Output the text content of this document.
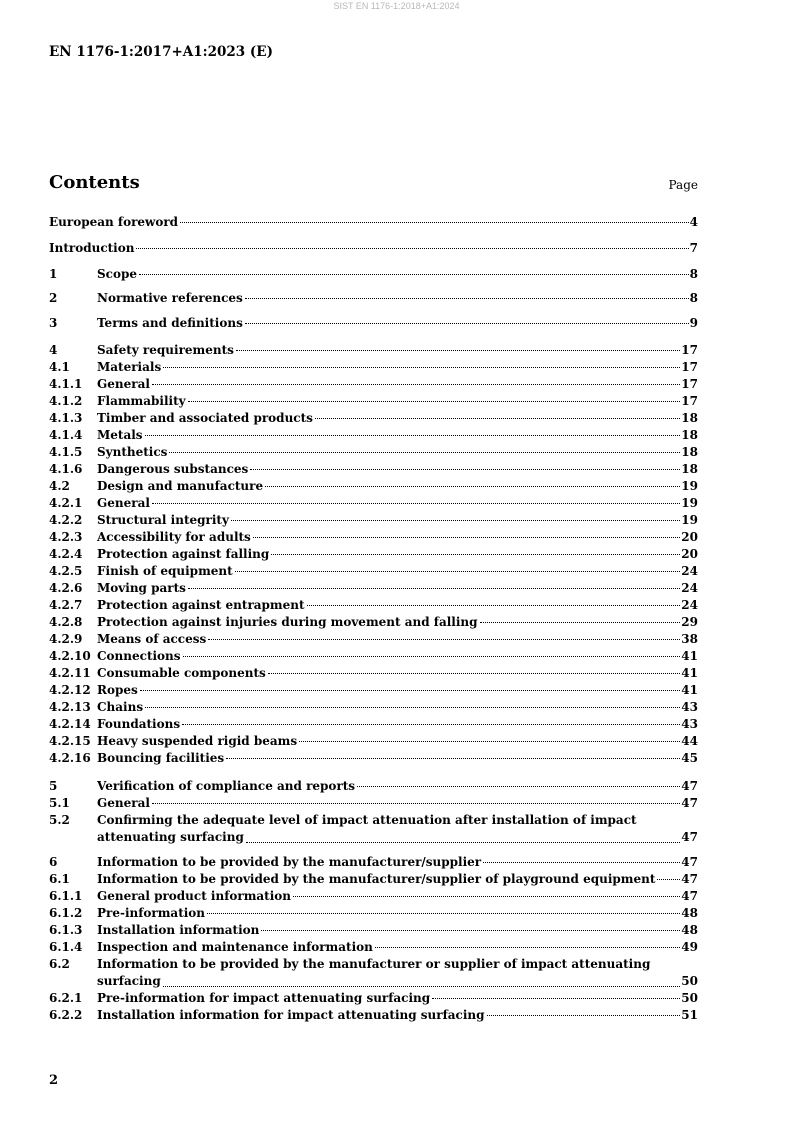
SIST EN 1176-1:2018+A1:2024
EN 1176-1:2017+A1:2023 (E)
Contents	Page
European foreword	4
Introduction	7
1	Scope	8
2	Normative references	8
3	Terms and definitions	9
4	Safety requirements	17
4.1 Materials	17
4.1.1 General	17
4.1.2 Flammability	17
4.1.3 Timber and associated products	18
4.1.4 Metals	18
4.1.5 Synthetics	18
4.1.6 Dangerous substances	18
4.2 Design and manufacture	19
4.2.1 General	19
4.2.2 Structural integrity	19
4.2.3 Accessibility for adults	20
4.2.4 Protection against falling	20
4.2.5 Finish of equipment	24
4.2.6 Moving parts	24
4.2.7 Protection against entrapment	24
4.2.8 Protection against injuries during movement and falling	29
4.2.9 Means of access	38
4.2.10 Connections	41
4.2.11 Consumable components	41
4.2.12 Ropes	41
4.2.13 Chains	43
4.2.14 Foundations	43
4.2.15 Heavy suspended rigid beams	44
4.2.16 Bouncing facilities	45
5	Verification of compliance and reports	47
5.1 General	47
5.2 Confirming the adequate level of impact attenuation after installation of impact
attenuating surfacing	47
6	Information to be provided by the manufacturer/supplier	47
6.1 Information to be provided by the manufacturer/supplier of playground equipment 47
6.1.1 General product information	47
6.1.2 Pre-information	48
6.1.3 Installation information	48
6.1.4 Inspection and maintenance information	49
6.2 Information to be provided by the manufacturer or supplier of impact attenuating
surfacing	50
6.2.1 Pre-information for impact attenuating surfacing	50
6.2.2 Installation information for impact attenuating surfacing	51
2
